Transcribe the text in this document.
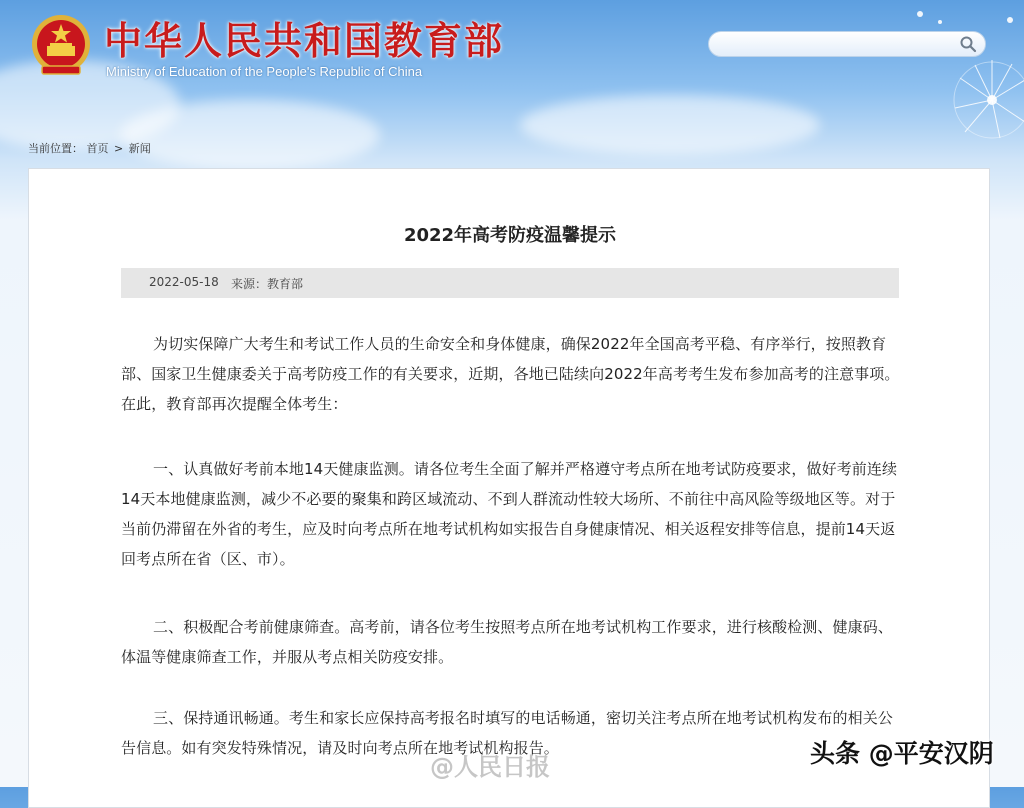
中华人民共和国教育部
Ministry of Education of the People's Republic of China
当前位置： 首页 > 新闻
2022年高考防疫温馨提示
2022-05-18 来源： 教育部

为切实保障广大考生和考试工作人员的生命安全和身体健康，确保2022年全国高考平稳、有序举行，按照教育部、国家卫生健康委关于高考防疫工作的有关要求，近期，各地已陆续向2022年高考考生发布参加高考的注意事项。在此，教育部再次提醒全体考生：

一、认真做好考前本地14天健康监测。请各位考生全面了解并严格遵守考点所在地考试防疫要求，做好考前连续14天本地健康监测，减少不必要的聚集和跨区域流动、不到人群流动性较大场所、不前往中高风险等级地区等。对于当前仍滞留在外省的考生，应及时向考点所在地考试机构如实报告自身健康情况、相关返程安排等信息，提前14天返回考点所在省（区、市）。

二、积极配合考前健康筛查。高考前，请各位考生按照考点所在地考试机构工作要求，进行核酸检测、健康码、体温等健康筛查工作，并服从考点相关防疫安排。

三、保持通讯畅通。考生和家长应保持高考报名时填写的电话畅通，密切关注考点所在地考试机构发布的相关公告信息。如有突发特殊情况，请及时向考点所在地考试机构报告。

@人民日报	头条 @平安汉阴
